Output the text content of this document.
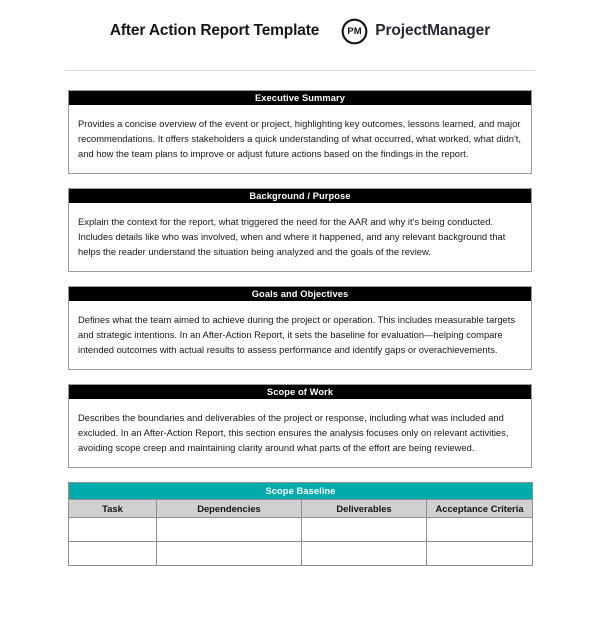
After Action Report Template PM ProjectManager
Executive Summary
Provides a concise overview of the event or project, highlighting key outcomes, lessons learned, and major recommendations. It offers stakeholders a quick understanding of what occurred, what worked, what didn't, and how the team plans to improve or adjust future actions based on the findings in the report.
Background / Purpose
Explain the context for the report, what triggered the need for the AAR and why it's being conducted. Includes details like who was involved, when and where it happened, and any relevant background that helps the reader understand the situation being analyzed and the goals of the review.
Goals and Objectives
Defines what the team aimed to achieve during the project or operation. This includes measurable targets and strategic intentions. In an After-Action Report, it sets the baseline for evaluation—helping compare intended outcomes with actual results to assess performance and identify gaps or overachievements.
Scope of Work
Describes the boundaries and deliverables of the project or response, including what was included and excluded. In an After-Action Report, this section ensures the analysis focuses only on relevant activities, avoiding scope creep and maintaining clarity around what parts of the effort are being reviewed.
Scope Baseline			
Task	Dependencies	Deliverables	Acceptance Criteria
